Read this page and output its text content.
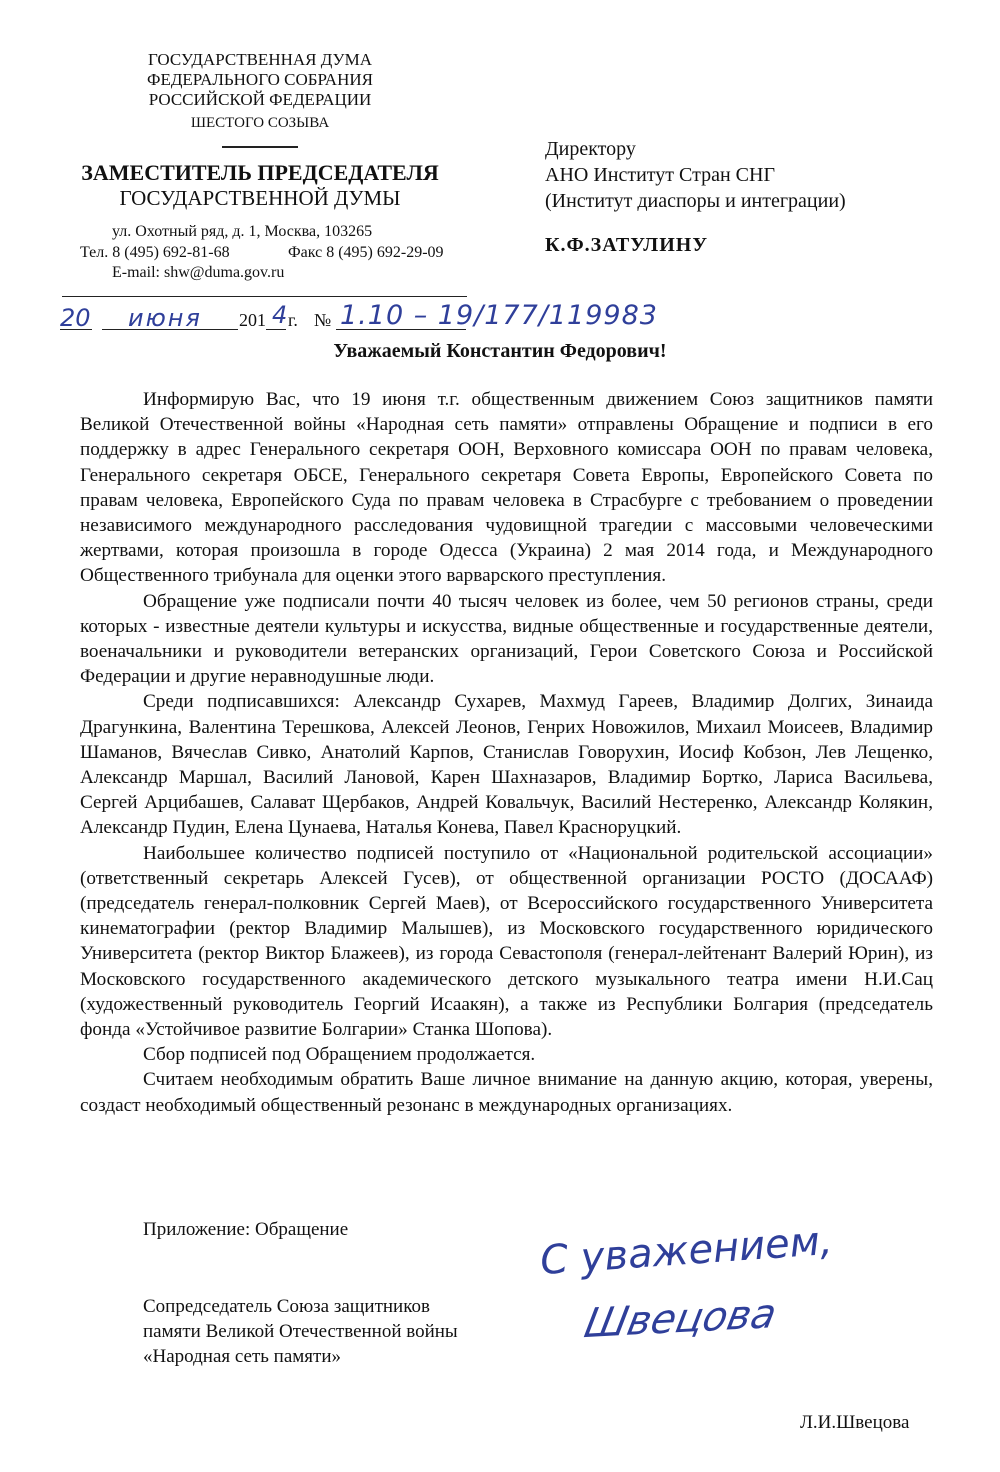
ГОСУДАРСТВЕННАЯ ДУМА
ФЕДЕРАЛЬНОГО СОБРАНИЯ
РОССИЙСКОЙ ФЕДЕРАЦИИ
ШЕСТОГО СОЗЫВА
ЗАМЕСТИТЕЛЬ ПРЕДСЕДАТЕЛЯ
ГОСУДАРСТВЕННОЙ ДУМЫ
ул. Охотный ряд, д. 1, Москва, 103265
Тел. 8 (495) 692-81-68	Факс 8 (495) 692-29-09
E-mail: shw@duma.gov.ru
Директору
АНО Институт Стран СНГ
(Институт диаспоры и интеграции)
К.Ф.ЗАТУЛИНУ
20 июня 201 4 г. № 1.10 – 19/177/119983
Уважаемый Константин Федорович!

Информирую Вас, что 19 июня т.г. общественным движением Союз защитников памяти Великой Отечественной войны «Народная сеть памяти» отправлены Обращение и подписи в его поддержку в адрес Генерального секретаря ООН, Верховного комиссара ООН по правам человека, Генерального секретаря ОБСЕ, Генерального секретаря Совета Европы, Европейского Совета по правам человека, Европейского Суда по правам человека в Страсбурге с требованием о проведении независимого международного расследования чудовищной трагедии с массовыми человеческими жертвами, которая произошла в городе Одесса (Украина) 2 мая 2014 года, и Международного Общественного трибунала для оценки этого варварского преступления.

Обращение уже подписали почти 40 тысяч человек из более, чем 50 регионов страны, среди которых - известные деятели культуры и искусства, видные общественные и государственные деятели, военачальники и руководители ветеранских организаций, Герои Советского Союза и Российской Федерации и другие неравнодушные люди.

Среди подписавшихся: Александр Сухарев, Махмуд Гареев, Владимир Долгих, Зинаида Драгункина, Валентина Терешкова, Алексей Леонов, Генрих Новожилов, Михаил Моисеев, Владимир Шаманов, Вячеслав Сивко, Анатолий Карпов, Станислав Говорухин, Иосиф Кобзон, Лев Лещенко, Александр Маршал, Василий Лановой, Карен Шахназаров, Владимир Бортко, Лариса Васильева, Сергей Арцибашев, Салават Щербаков, Андрей Ковальчук, Василий Нестеренко, Александр Колякин, Александр Пудин, Елена Цунаева, Наталья Конева, Павел Красноруцкий.

Наибольшее количество подписей поступило от «Национальной родительской ассоциации» (ответственный секретарь Алексей Гусев), от общественной организации РОСТО (ДОСААФ) (председатель генерал-полковник Сергей Маев), от Всероссийского государственного Университета кинематографии (ректор Владимир Малышев), из Московского государственного юридического Университета (ректор Виктор Блажеев), из города Севастополя (генерал-лейтенант Валерий Юрин), из Московского государственного академического детского музыкального театра имени Н.И.Сац (художественный руководитель Георгий Исаакян), а также из Республики Болгария (председатель фонда «Устойчивое развитие Болгарии» Станка Шопова).

Сбор подписей под Обращением продолжается.

Считаем необходимым обратить Ваше личное внимание на данную акцию, которая, уверены, создаст необходимый общественный резонанс в международных организациях.

Приложение: Обращение
Сопредседатель Союза защитников
памяти Великой Отечественной войны
«Народная сеть памяти»
С уважением,
Швецова
Л.И.Швецова
